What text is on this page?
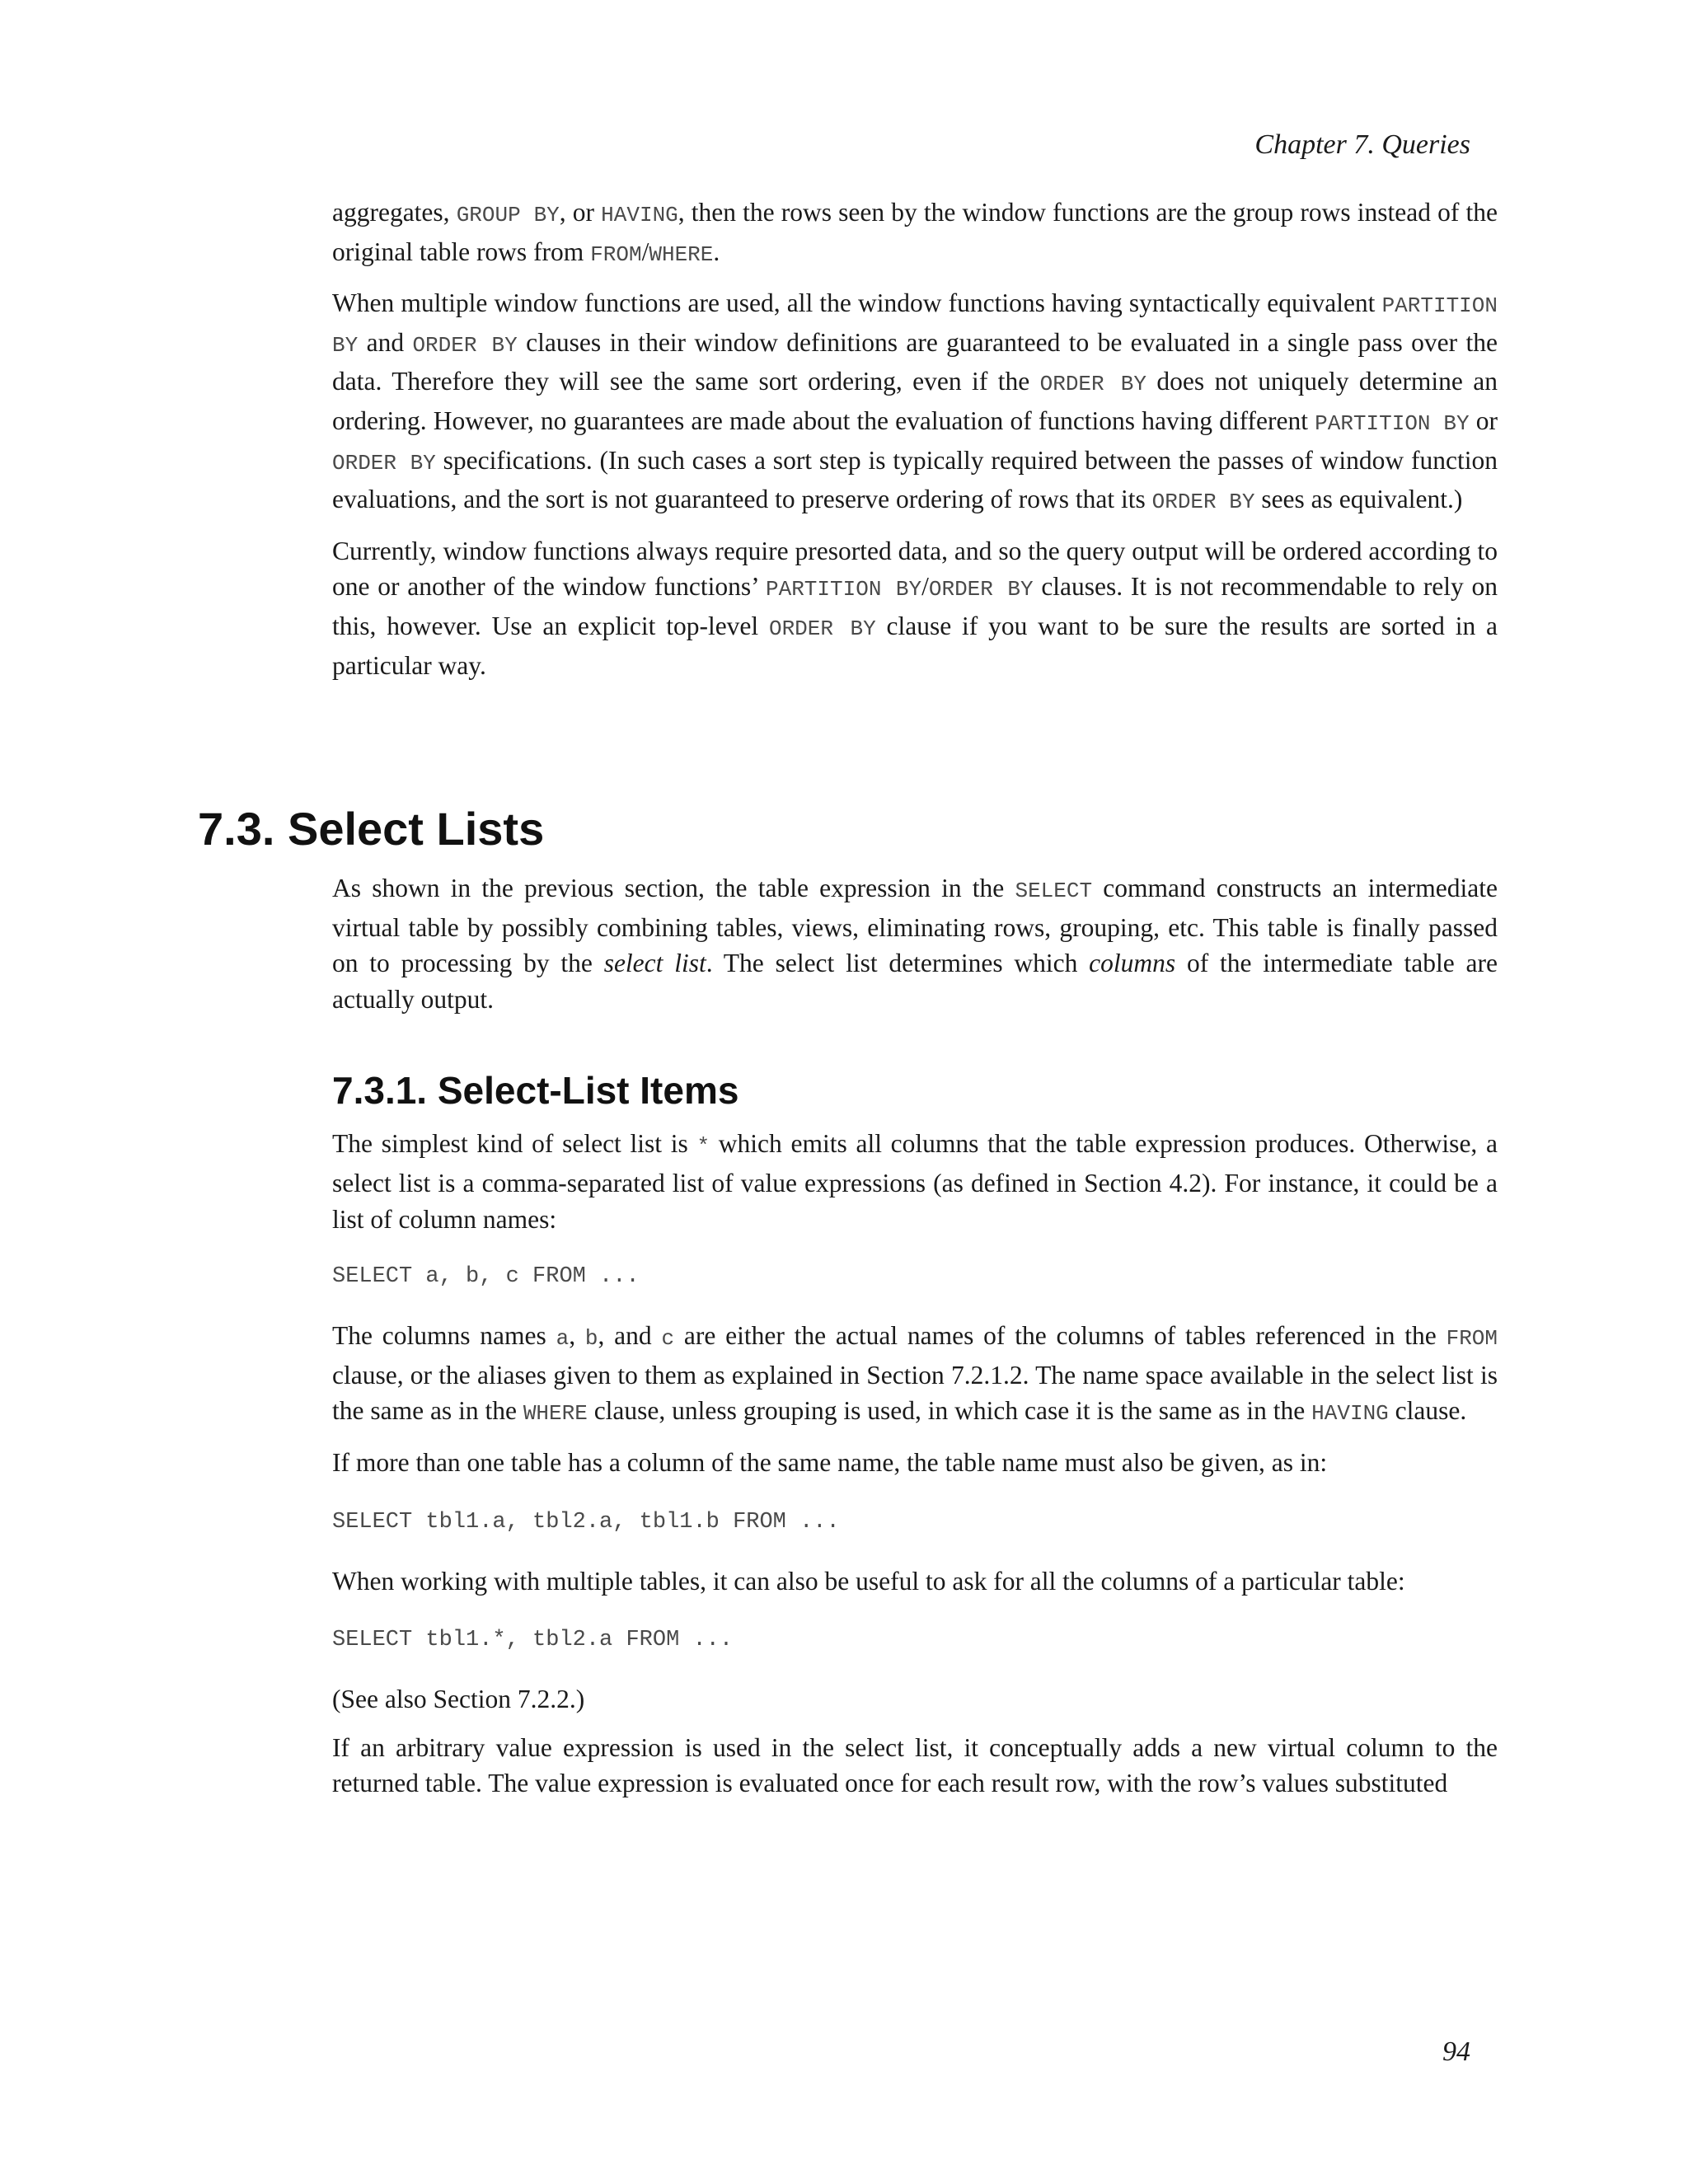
Chapter 7. Queries

aggregates, GROUP BY, or HAVING, then the rows seen by the window functions are the group rows instead of the original table rows from FROM/WHERE.

When multiple window functions are used, all the window functions having syntactically equivalent PARTITION BY and ORDER BY clauses in their window definitions are guaranteed to be evaluated in a single pass over the data. Therefore they will see the same sort ordering, even if the ORDER BY does not uniquely determine an ordering. However, no guarantees are made about the evaluation of functions having different PARTITION BY or ORDER BY specifications. (In such cases a sort step is typically required between the passes of window function evaluations, and the sort is not guaranteed to preserve ordering of rows that its ORDER BY sees as equivalent.)

Currently, window functions always require presorted data, and so the query output will be ordered according to one or another of the window functions’ PARTITION BY/ORDER BY clauses. It is not recommendable to rely on this, however. Use an explicit top-level ORDER BY clause if you want to be sure the results are sorted in a particular way.

7.3. Select Lists

As shown in the previous section, the table expression in the SELECT command constructs an intermediate virtual table by possibly combining tables, views, eliminating rows, grouping, etc. This table is finally passed on to processing by the select list. The select list determines which columns of the intermediate table are actually output.

7.3.1. Select-List Items

The simplest kind of select list is * which emits all columns that the table expression produces. Otherwise, a select list is a comma-separated list of value expressions (as defined in Section 4.2). For instance, it could be a list of column names:

SELECT a, b, c FROM ...

The columns names a, b, and c are either the actual names of the columns of tables referenced in the FROM clause, or the aliases given to them as explained in Section 7.2.1.2. The name space available in the select list is the same as in the WHERE clause, unless grouping is used, in which case it is the same as in the HAVING clause.

If more than one table has a column of the same name, the table name must also be given, as in:

SELECT tbl1.a, tbl2.a, tbl1.b FROM ...

When working with multiple tables, it can also be useful to ask for all the columns of a particular table:

SELECT tbl1.*, tbl2.a FROM ...

(See also Section 7.2.2.)

If an arbitrary value expression is used in the select list, it conceptually adds a new virtual column to the returned table. The value expression is evaluated once for each result row, with the row’s values substituted

94
